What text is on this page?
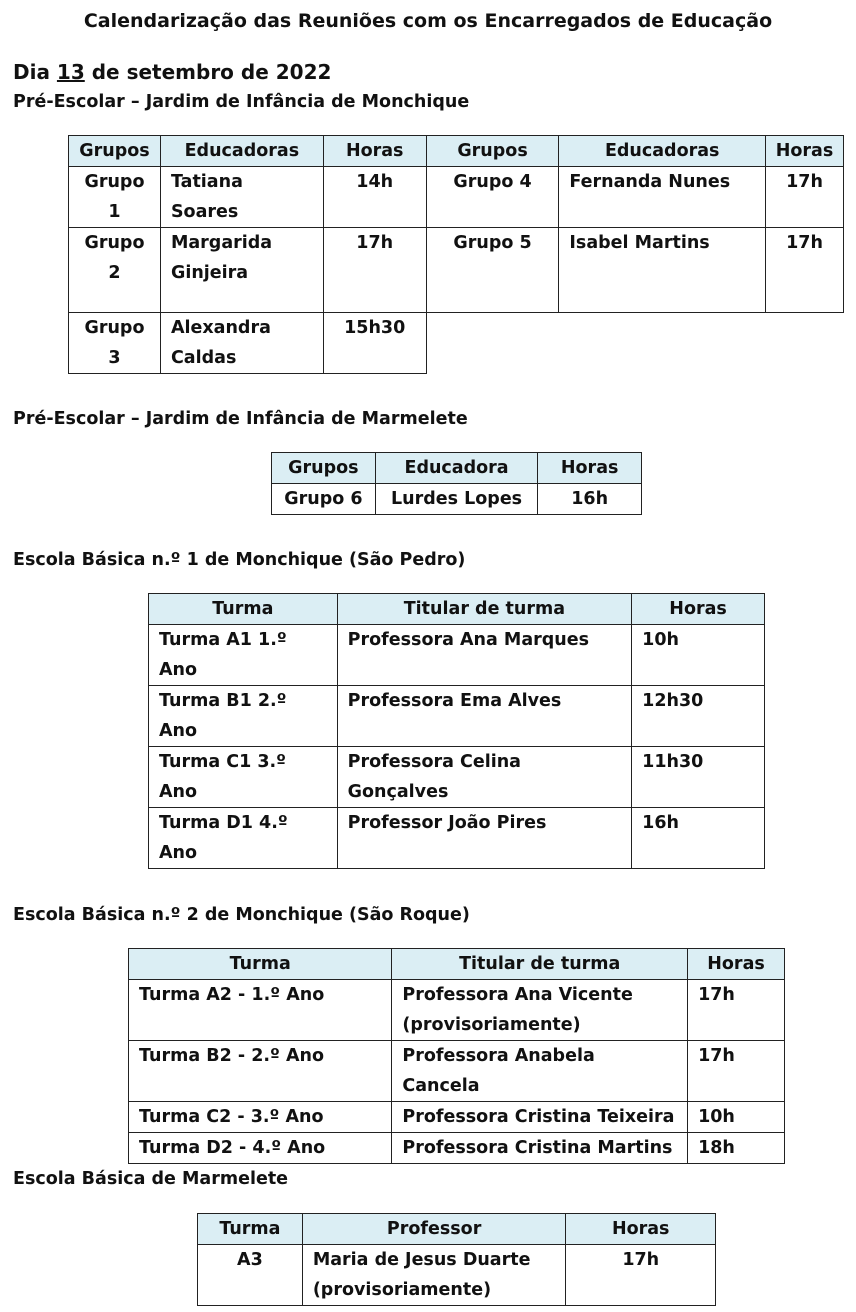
Calendarização das Reuniões com os Encarregados de Educação
Dia 13 de setembro de 2022
Pré-Escolar – Jardim de Infância de Monchique
Grupos	Educadoras	Horas	Grupos	Educadoras	Horas
Grupo 1	Tatiana Soares	14h	Grupo 4	Fernanda Nunes	17h
Grupo 2	Margarida Ginjeira	17h	Grupo 5	Isabel Martins	17h
Grupo 3	Alexandra Caldas	15h30			
Pré-Escolar – Jardim de Infância de Marmelete
Grupos	Educadora	Horas
Grupo 6	Lurdes Lopes	16h
Escola Básica n.º 1 de Monchique (São Pedro)
Turma	Titular de turma	Horas
Turma A1 1.º Ano	Professora Ana Marques	10h
Turma B1 2.º Ano	Professora Ema Alves	12h30
Turma C1 3.º Ano	Professora Celina Gonçalves	11h30
Turma D1 4.º Ano	Professor João Pires	16h
Escola Básica n.º 2 de Monchique (São Roque)
Turma	Titular de turma	Horas
Turma A2 - 1.º Ano	Professora Ana Vicente (provisoriamente)	17h
Turma B2 - 2.º Ano	Professora Anabela Cancela	17h
Turma C2 - 3.º Ano	Professora Cristina Teixeira	10h
Turma D2 - 4.º Ano	Professora Cristina Martins	18h
Escola Básica de Marmelete
Turma	Professor	Horas
A3	Maria de Jesus Duarte (provisoriamente)	17h
